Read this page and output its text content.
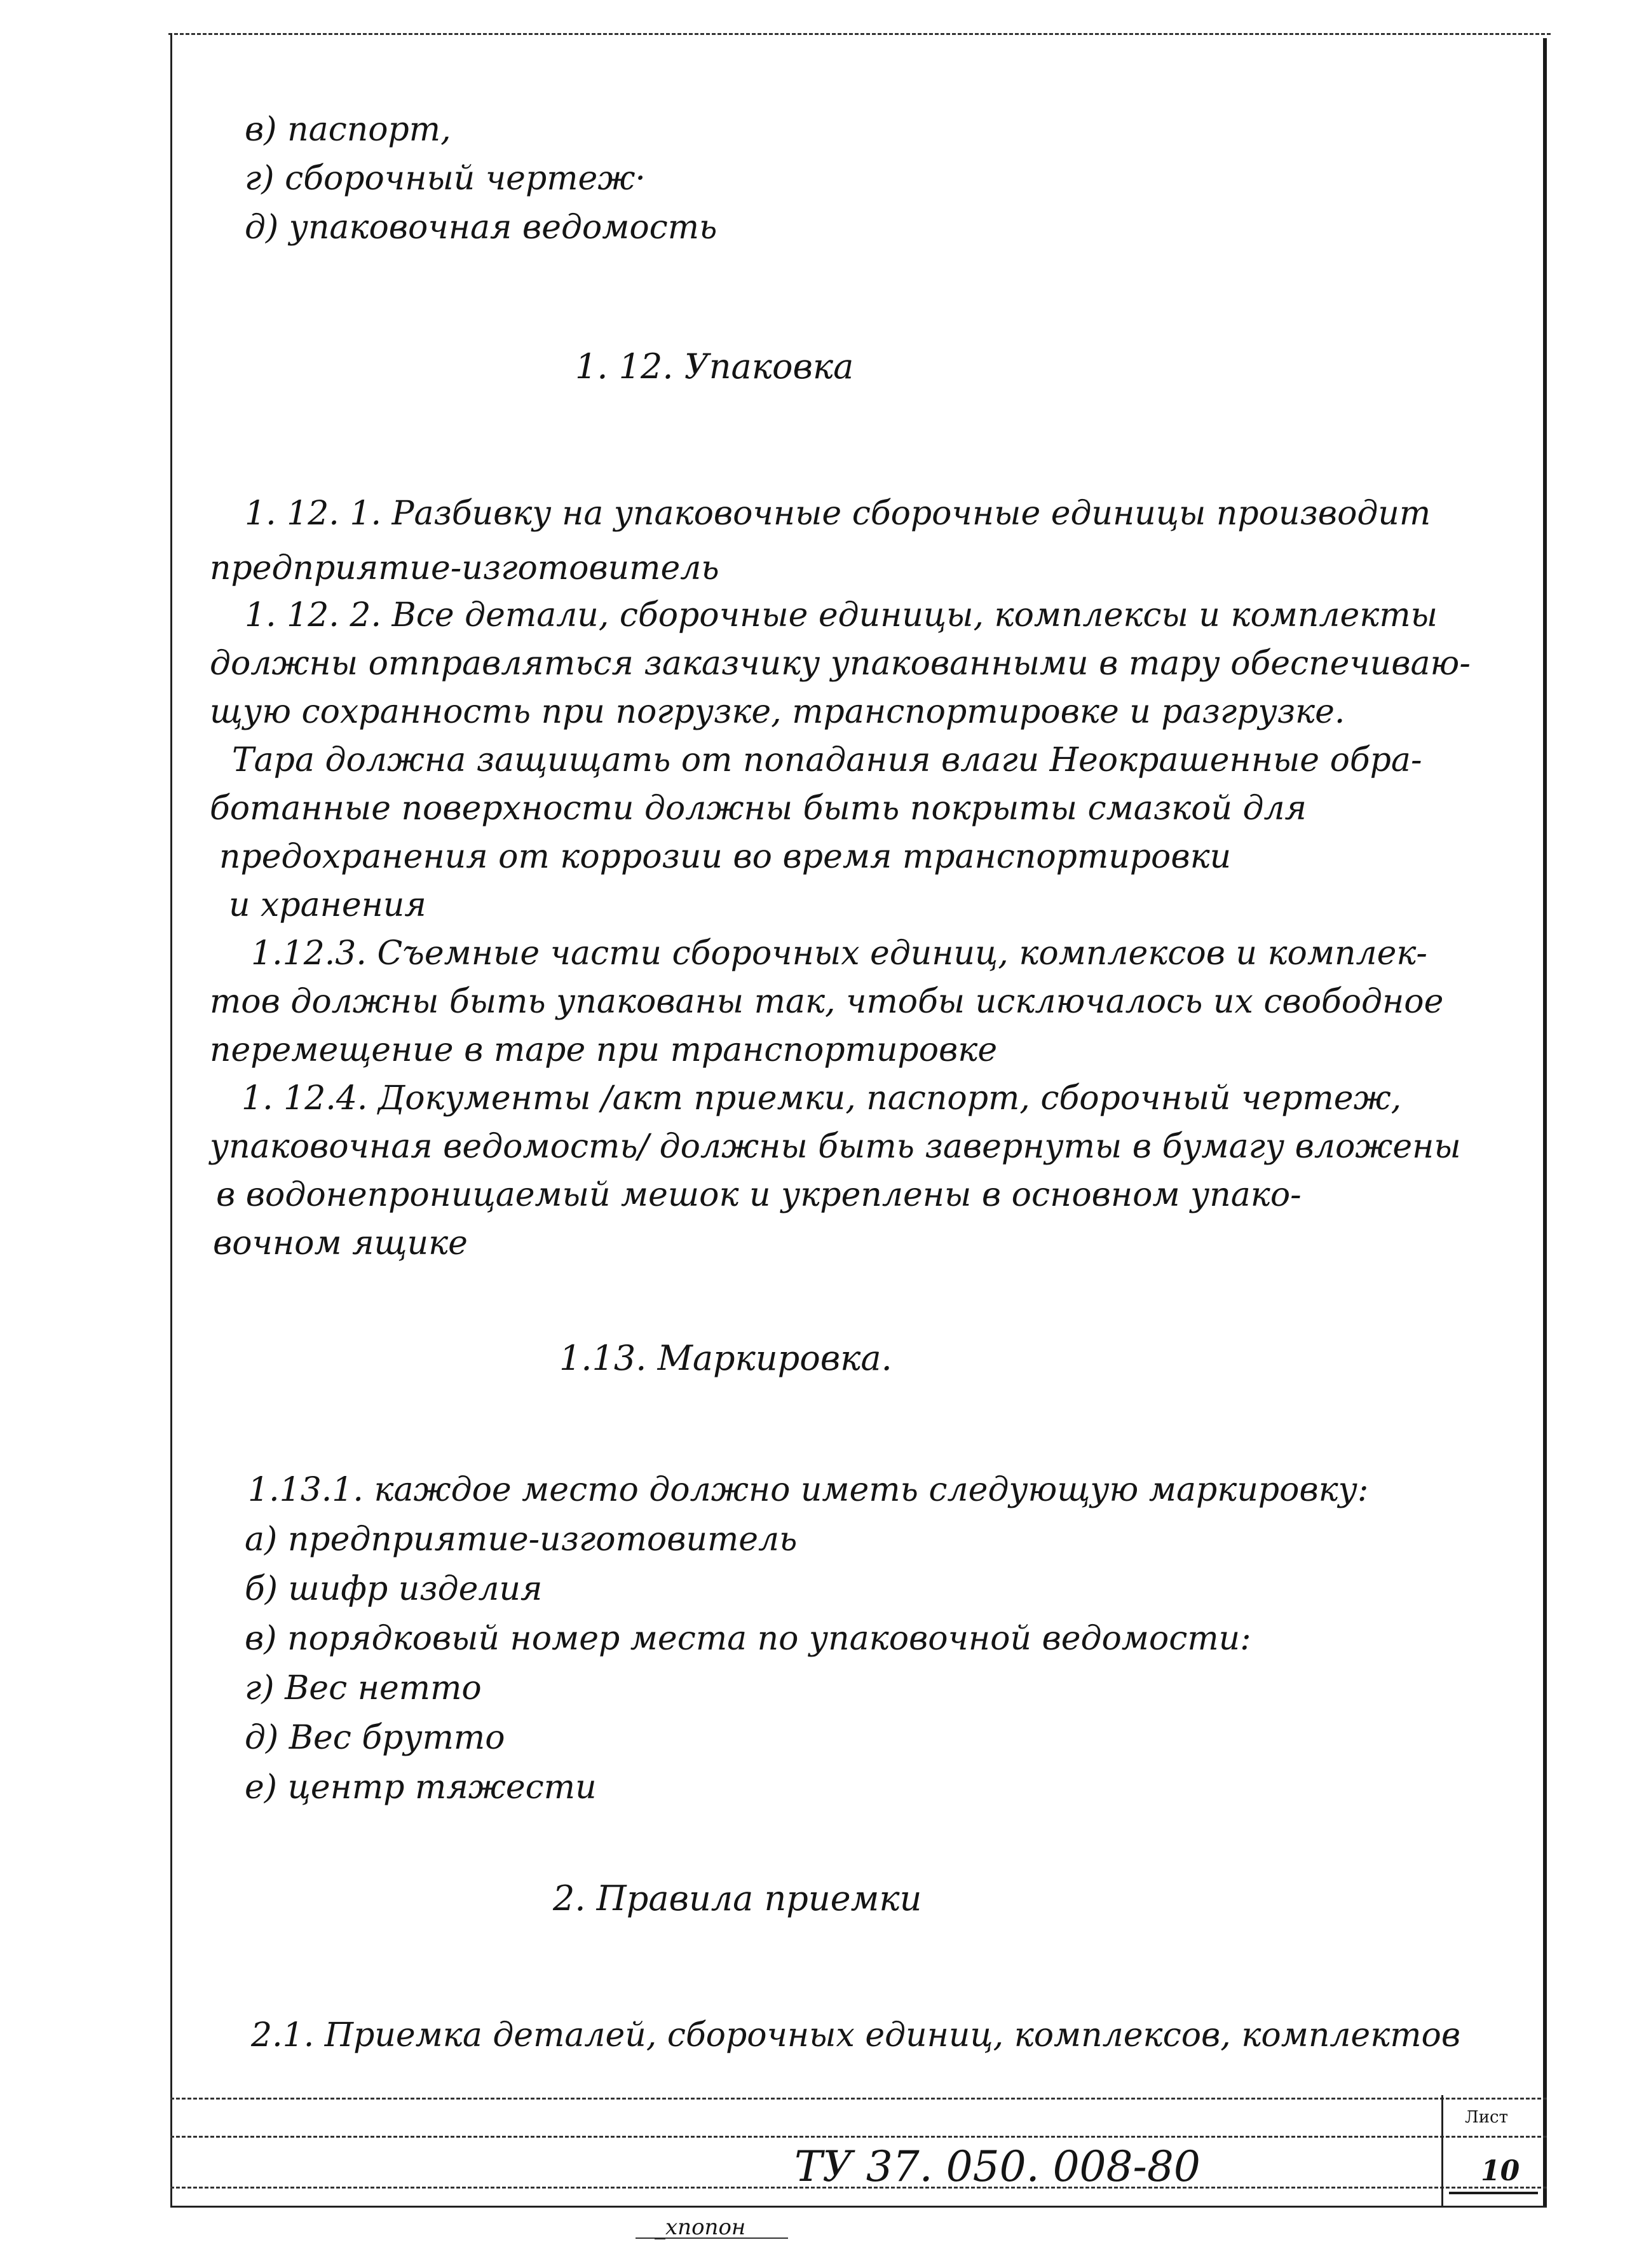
в) паспорт,
г) сборочный чертеж·
д) упаковочная ведомость
1. 12. Упаковка
1. 12. 1. Разбивку на упаковочные сборочные единицы производит
предприятие-изготовитель
1. 12. 2. Все детали, сборочные единицы, комплексы и комплекты
должны отправляться заказчику упакованными в тару обеспечиваю-
щую сохранность при погрузке, транспортировке и разгрузке.
Тара должна защищать от попадания влаги Неокрашенные обра-
ботанные поверхности должны быть покрыты смазкой для
предохранения от коррозии во время транспортировки
и хранения
1.12.3. Съемные части сборочных единиц, комплексов и комплек-
тов должны быть упакованы так, чтобы исключалось их свободное
перемещение в таре при транспортировке
1. 12.4. Документы /акт приемки, паспорт, сборочный чертеж,
упаковочная ведомость/ должны быть завернуты в бумагу вложены
в водонепроницаемый мешок и укреплены в основном упако-
вочном ящике
1.13. Маркировка.
1.13.1. каждое место должно иметь следующую маркировку:
а) предприятие-изготовитель
б) шифр изделия
в) порядковый номер места по упаковочной ведомости:
г) Вес нетто
д) Вес брутто
е) центр тяжести
2. Правила приемки
2.1. Приемка деталей, сборочных единиц, комплексов, комплектов
ТУ 37. 050. 008-80
Лист
10
_хпопон
